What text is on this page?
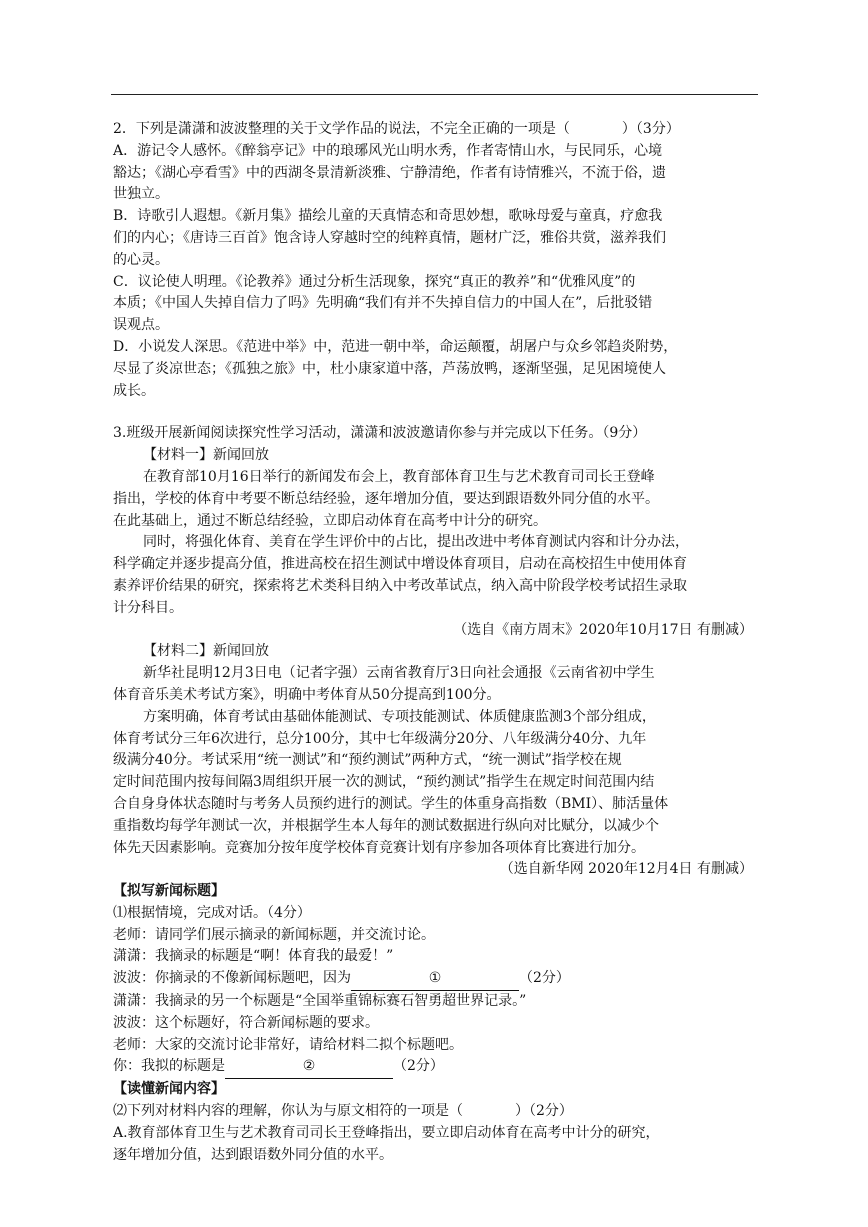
2．下列是潇潇和波波整理的关于文学作品的说法，不完全正确的一项是（	）（3分）
A．游记令人感怀。《醉翁亭记》中的琅琊风光山明水秀，作者寄情山水，与民同乐，心境
豁达；《湖心亭看雪》中的西湖冬景清新淡雅、宁静清绝，作者有诗情雅兴，不流于俗，遗
世独立。
B．诗歌引人遐想。《新月集》描绘儿童的天真情态和奇思妙想，歌咏母爱与童真，疗愈我
们的内心；《唐诗三百首》饱含诗人穿越时空的纯粹真情，题材广泛，雅俗共赏，滋养我们
的心灵。
C．议论使人明理。《论教养》通过分析生活现象，探究“真正的教养”和“优雅风度”的
本质；《中国人失掉自信力了吗》先明确“我们有并不失掉自信力的中国人在”，后批驳错
误观点。
D．小说发人深思。《范进中举》中，范进一朝中举，命运颠覆，胡屠户与众乡邻趋炎附势，
尽显了炎凉世态；《孤独之旅》中，杜小康家道中落，芦荡放鸭，逐渐坚强，足见困境使人
成长。
3.班级开展新闻阅读探究性学习活动，潇潇和波波邀请你参与并完成以下任务。（9分）
【材料一】新闻回放
在教育部10月16日举行的新闻发布会上，教育部体育卫生与艺术教育司司长王登峰
指出，学校的体育中考要不断总结经验，逐年增加分值，要达到跟语数外同分值的水平。
在此基础上，通过不断总结经验，立即启动体育在高考中计分的研究。
同时，将强化体育、美育在学生评价中的占比，提出改进中考体育测试内容和计分办法，
科学确定并逐步提高分值，推进高校在招生测试中增设体育项目，启动在高校招生中使用体育
素养评价结果的研究，探索将艺术类科目纳入中考改革试点，纳入高中阶段学校考试招生录取
计分科目。
（选自《南方周末》2020年10月17日 有删减）
【材料二】新闻回放
新华社昆明12月3日电（记者字强）云南省教育厅3日向社会通报《云南省初中学生
体育音乐美术考试方案》，明确中考体育从50分提高到100分。
方案明确，体育考试由基础体能测试、专项技能测试、体质健康监测3个部分组成，
体育考试分三年6次进行，总分100分，其中七年级满分20分、八年级满分40分、九年
级满分40分。考试采用“统一测试”和“预约测试”两种方式，“统一测试”指学校在规
定时间范围内按每间隔3周组织开展一次的测试，“预约测试”指学生在规定时间范围内结
合自身身体状态随时与考务人员预约进行的测试。学生的体重身高指数（BMI）、肺活量体
重指数均每学年测试一次，并根据学生本人每年的测试数据进行纵向对比赋分，以减少个
体先天因素影响。竞赛加分按年度学校体育竞赛计划有序参加各项体育比赛进行加分。
（选自新华网 2020年12月4日 有删减）
【拟写新闻标题】
⑴根据情境，完成对话。（4分）
老师：请同学们展示摘录的新闻标题，并交流讨论。
潇潇：我摘录的标题是“啊！体育我的最爱！”
波波：你摘录的不像新闻标题吧，因为	①	（2分）
潇潇：我摘录的另一个标题是“全国举重锦标赛石智勇超世界记录。”
波波：这个标题好，符合新闻标题的要求。
老师：大家的交流讨论非常好，请给材料二拟个标题吧。
你：我拟的标题是	②	（2分）
【读懂新闻内容】
⑵下列对材料内容的理解，你认为与原文相符的一项是（	）（2分）
A.教育部体育卫生与艺术教育司司长王登峰指出，要立即启动体育在高考中计分的研究，
逐年增加分值，达到跟语数外同分值的水平。
